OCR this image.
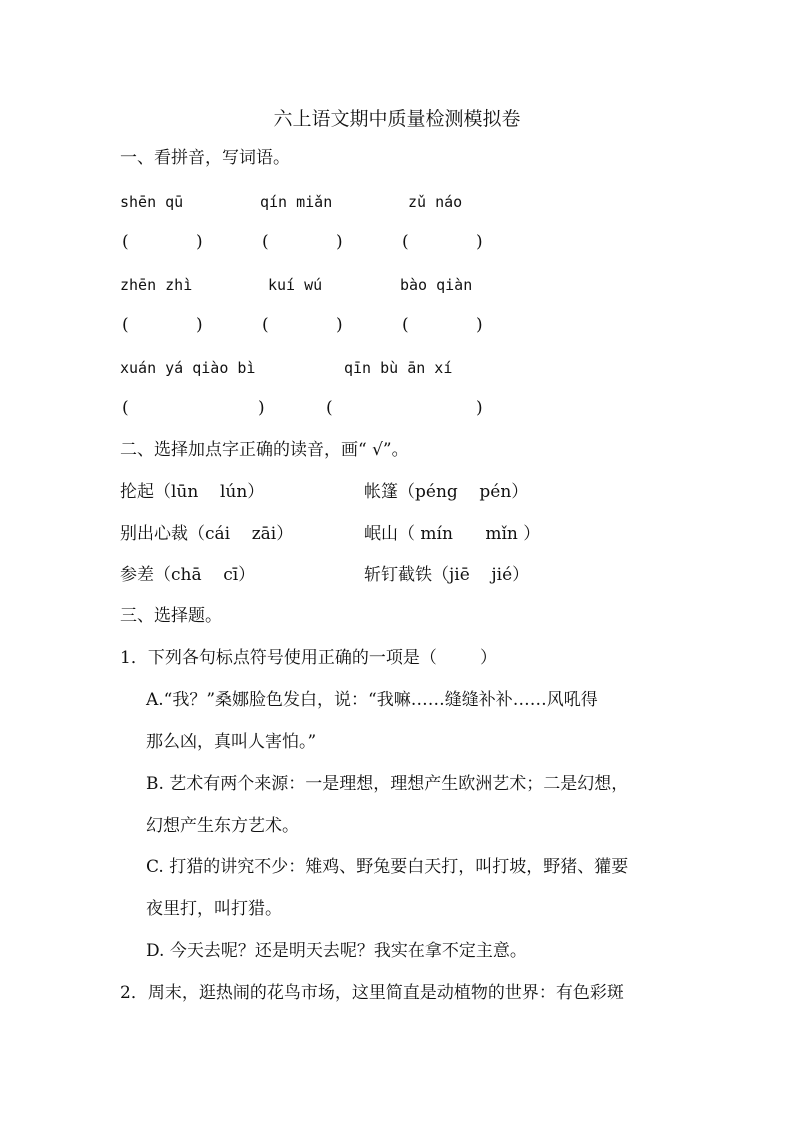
六上语文期中质量检测模拟卷
一、看拼音，写词语。
shēn qū	qín miǎn	zǔ náo
(	)	(	)	(	)
zhēn zhì	kuí wú	bào qiàn
(	)	(	)	(	)
xuán yá qiào bì	qīn bù ān xí
(	)	(	)
二、选择加点字正确的读音，画“ √”。
抡起（lūn    lún）	帐篷（péng    pén）
别出心裁（cái    zāi）	岷山（ mín      mǐn ）
参差（chā    cī）	斩钉截铁（jiē    jié）
三、选择题。
1．下列各句标点符号使用正确的一项是（        ）
A.“我？”桑娜脸色发白，说：“我嘛……缝缝补补……风吼得
那么凶，真叫人害怕。”
B. 艺术有两个来源：一是理想，理想产生欧洲艺术；二是幻想，
幻想产生东方艺术。
C. 打猎的讲究不少：雉鸡、野兔要白天打，叫打坡，野猪、獾要
夜里打，叫打猎。
D. 今天去呢？还是明天去呢？我实在拿不定主意。
2．周末，逛热闹的花鸟市场，这里简直是动植物的世界：有色彩斑
